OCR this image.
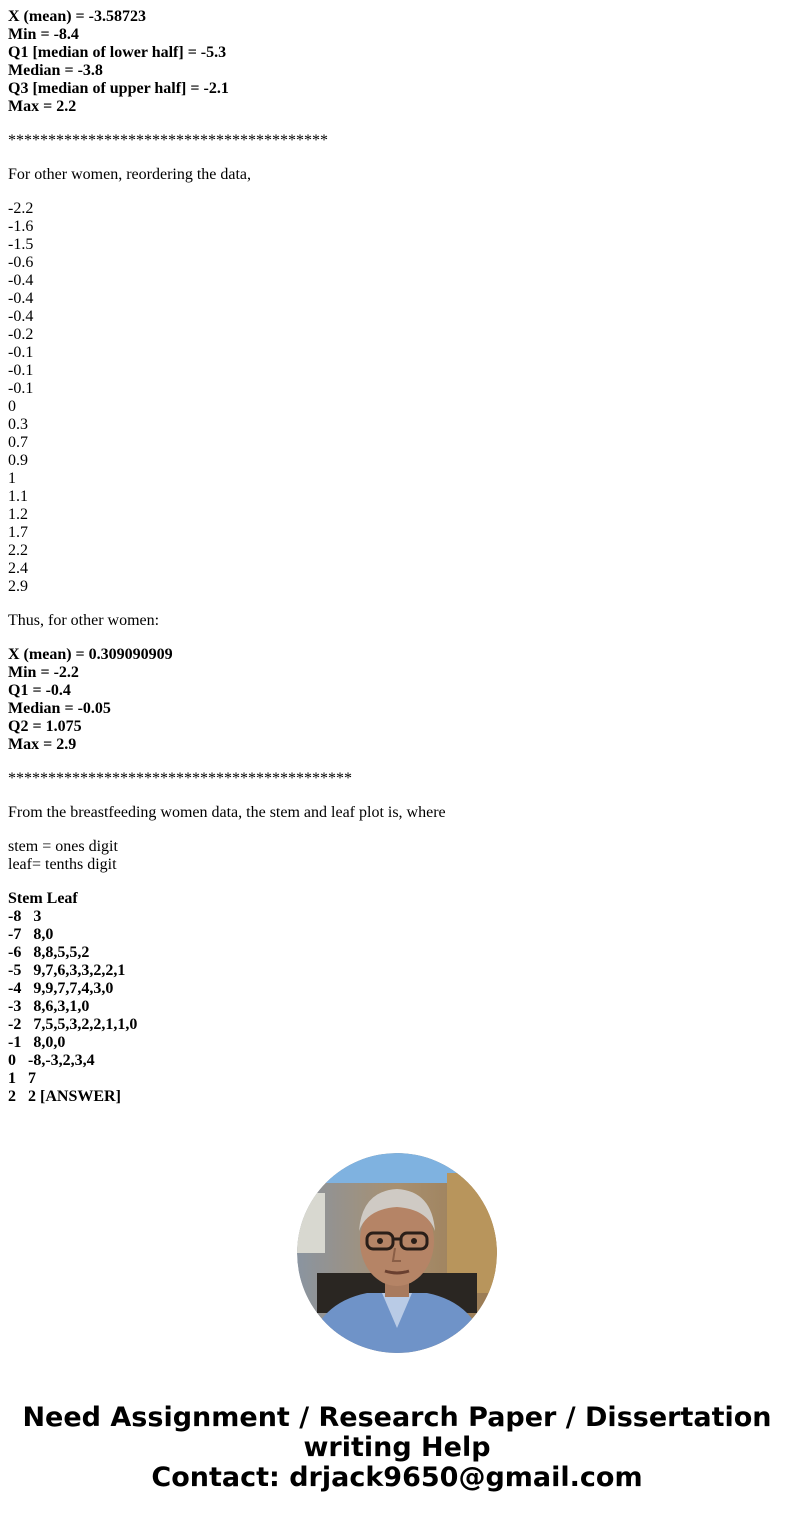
X (mean) = -3.58723
Min = -8.4
Q1 [median of lower half] = -5.3
Median = -3.8
Q3 [median of upper half] = -2.1
Max = 2.2
****************************************
For other women, reordering the data,
-2.2
-1.6
-1.5
-0.6
-0.4
-0.4
-0.4
-0.2
-0.1
-0.1
-0.1
0
0.3
0.7
0.9
1
1.1
1.2
1.7
2.2
2.4
2.9
Thus, for other women:
X (mean) = 0.309090909
Min = -2.2
Q1 = -0.4
Median = -0.05
Q2 = 1.075
Max = 2.9
*******************************************
From the breastfeeding women data, the stem and leaf plot is, where
stem = ones digit
leaf= tenths digit
Stem Leaf
-8   3
-7   8,0
-6   8,8,5,5,2
-5   9,7,6,3,3,2,2,1
-4   9,9,7,7,4,3,0
-3   8,6,3,1,0
-2   7,5,5,3,2,2,1,1,0
-1   8,0,0
0   -8,-3,2,3,4
1   7
2   2 [ANSWER]
Need Assignment / Research Paper / Dissertation
writing Help
Contact: drjack9650@gmail.com
